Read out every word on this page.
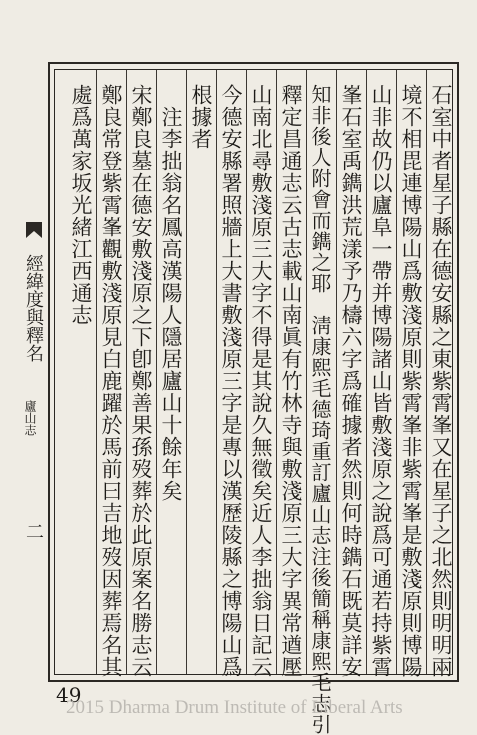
石室中者星子縣在德安縣之東紫霄峯又在星子之北然則明明兩
境不相毘連博陽山爲敷淺原則紫霄峯非紫霄峯是敷淺原則博陽
山非故仍以廬阜一帶并博陽諸山皆敷淺原之說爲可通若持紫霄
峯石室禹鐫洪荒漾予乃檮六字爲確據者然則何時鐫石既莫詳安
知非後人附會而鐫之耶　淸康熙毛德琦重訂廬山志注後簡稱康熙毛志引
釋定昌通志云古志載山南眞有竹林寺與敷淺原三大字異常遒壓
山南北尋敷淺原三大字不得是其說久無徵矣近人李拙翁日記云
今德安縣署照牆上大書敷淺原三字是專以漢歷陵縣之博陽山爲
根據者
　注李拙翁名鳳高漢陽人隱居廬山十餘年矣
宋鄭良墓在德安敷淺原之下卽鄭善果孫歿葬於此原案名勝志云
鄭良常登紫霄峯觀敷淺原見白鹿躍於馬前曰吉地歿因葬焉名其
處爲萬家坂光緒江西通志
經緯度與釋名
廬山志
二
49
2015 Dharma Drum Institute of Liberal Arts
